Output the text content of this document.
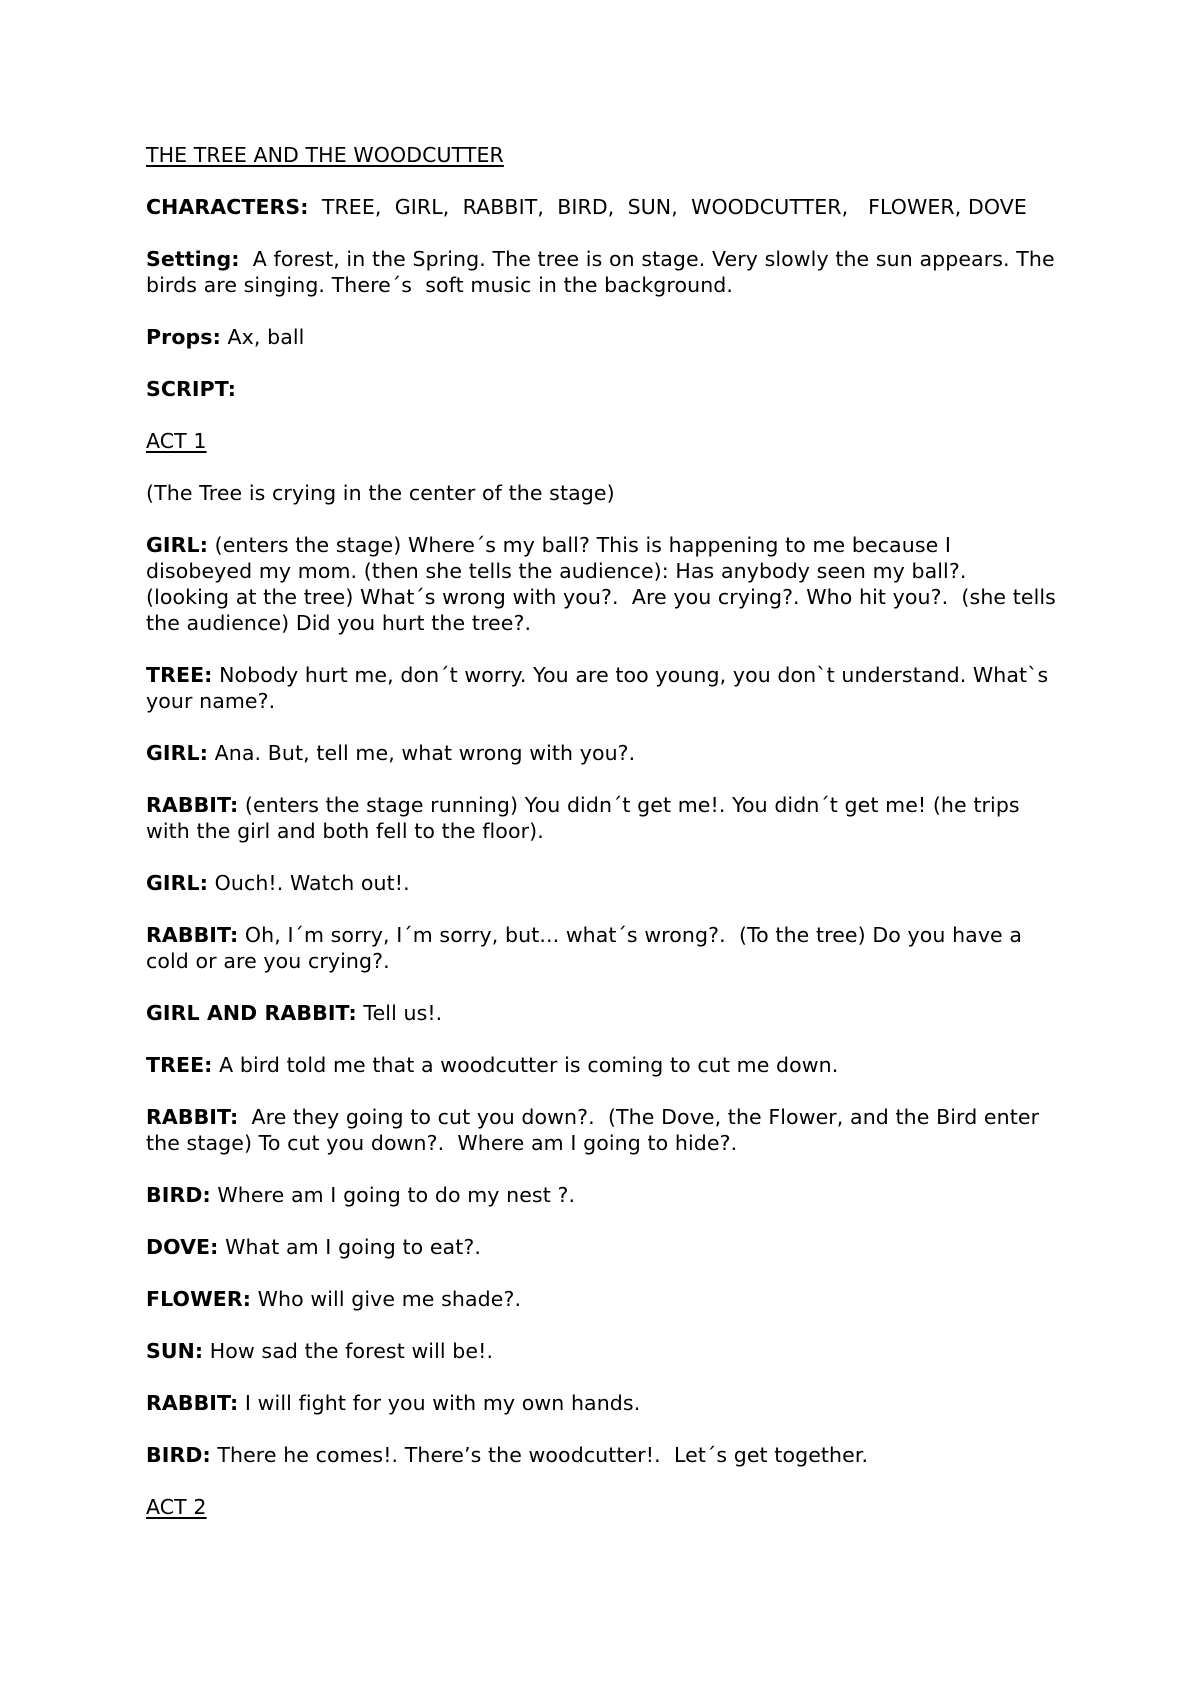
THE TREE AND THE WOODCUTTER

CHARACTERS:  TREE,  GIRL,  RABBIT,  BIRD,  SUN,  WOODCUTTER,   FLOWER, DOVE

Setting:  A forest, in the Spring. The tree is on stage. Very slowly the sun appears. The birds are singing. There´s  soft music in the background.

Props: Ax, ball

SCRIPT:

ACT 1

(The Tree is crying in the center of the stage)

GIRL: (enters the stage) Where´s my ball? This is happening to me because I disobeyed my mom. (then she tells the audience): Has anybody seen my ball?. (looking at the tree) What´s wrong with you?.  Are you crying?. Who hit you?.  (she tells the audience) Did you hurt the tree?.

TREE: Nobody hurt me, don´t worry. You are too young, you don`t understand. What`s your name?.

GIRL: Ana. But, tell me, what wrong with you?.

RABBIT: (enters the stage running) You didn´t get me!. You didn´t get me! (he trips with the girl and both fell to the floor).

GIRL: Ouch!. Watch out!.

RABBIT: Oh, I´m sorry, I´m sorry, but... what´s wrong?.  (To the tree) Do you have a cold or are you crying?.

GIRL AND RABBIT: Tell us!.

TREE: A bird told me that a woodcutter is coming to cut me down.

RABBIT:  Are they going to cut you down?.  (The Dove, the Flower, and the Bird enter the stage) To cut you down?.  Where am I going to hide?.

BIRD: Where am I going to do my nest ?.

DOVE: What am I going to eat?.

FLOWER: Who will give me shade?.

SUN: How sad the forest will be!.

RABBIT: I will fight for you with my own hands.

BIRD: There he comes!. There’s the woodcutter!.  Let´s get together.

ACT 2
